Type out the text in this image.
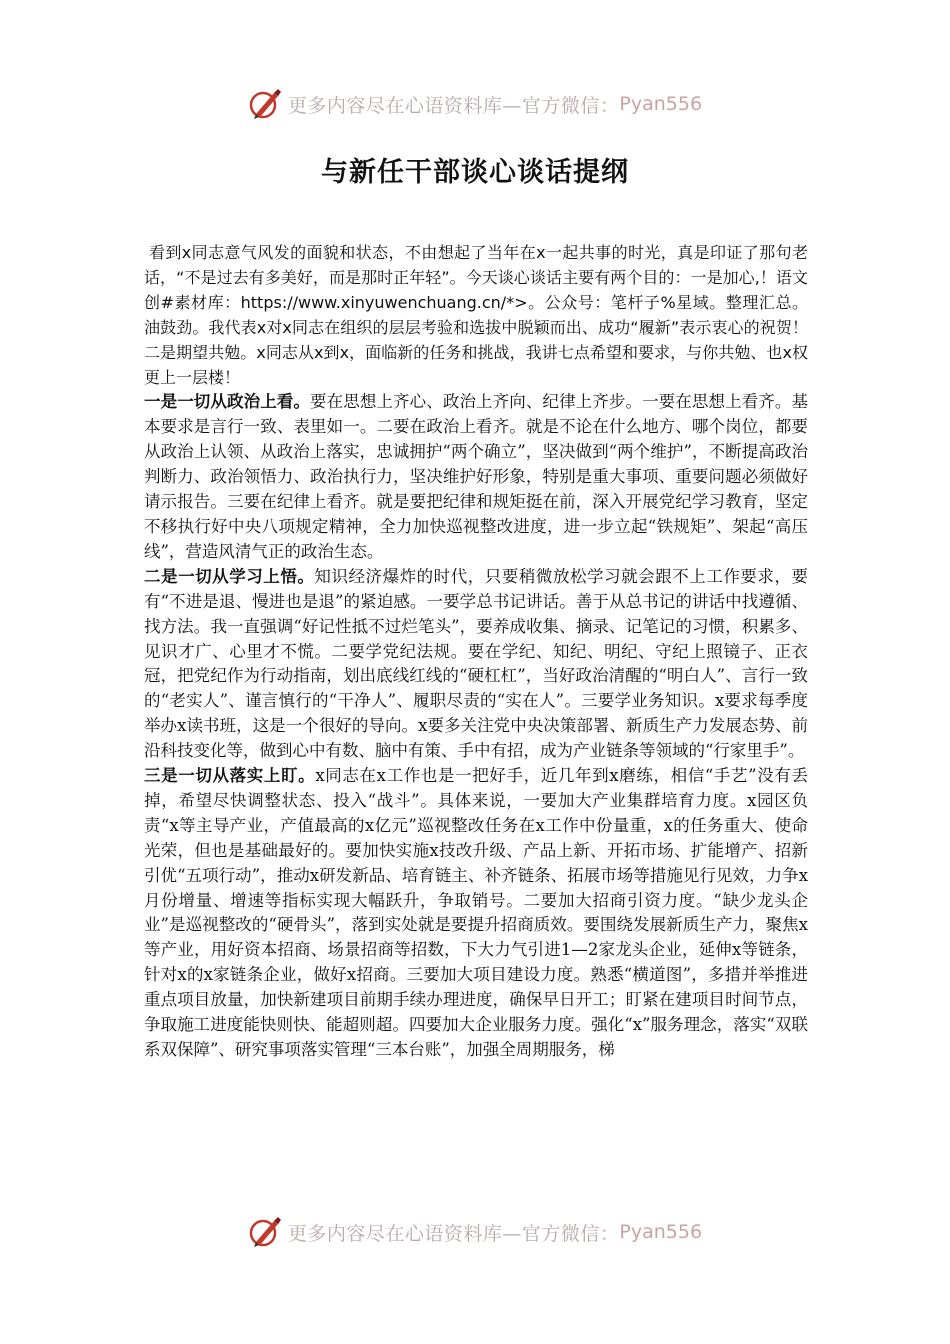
更多内容尽在心语资料库—官方微信： Pyan556
与新任干部谈心谈话提纲

看到x同志意气风发的面貌和状态，不由想起了当年在x一起共事的时光，真是印证了那句老话，“不是过去有多美好，而是那时正年轻”。今天谈心谈话主要有两个目的：一是加心,！语文创#素材库：https://www.xinyuwenchuang.cn/*>。公众号：笔杆子%星域。整理汇总。油鼓劲。我代表x对x同志在组织的层层考验和选拔中脱颖而出、成功“履新”表示衷心的祝贺！二是期望共勉。x同志从x到x，面临新的任务和挑战，我讲七点希望和要求，与你共勉、也x权更上一层楼！

一是一切从政治上看。要在思想上齐心、政治上齐向、纪律上齐步。一要在思想上看齐。基本要求是言行一致、表里如一。二要在政治上看齐。就是不论在什么地方、哪个岗位，都要从政治上认领、从政治上落实，忠诚拥护“两个确立”，坚决做到“两个维护”，不断提高政治判断力、政治领悟力、政治执行力，坚决维护好形象，特别是重大事项、重要问题必须做好请示报告。三要在纪律上看齐。就是要把纪律和规矩挺在前，深入开展党纪学习教育，坚定不移执行好中央八项规定精神，全力加快巡视整改进度，进一步立起“铁规矩”、架起“高压线”，营造风清气正的政治生态。

二是一切从学习上悟。知识经济爆炸的时代，只要稍微放松学习就会跟不上工作要求，要有“不进是退、慢进也是退”的紧迫感。一要学总书记讲话。善于从总书记的讲话中找遵循、找方法。我一直强调“好记性抵不过烂笔头”，要养成收集、摘录、记笔记的习惯，积累多、见识才广、心里才不慌。二要学党纪法规。要在学纪、知纪、明纪、守纪上照镜子、正衣冠，把党纪作为行动指南，划出底线红线的“硬杠杠”，当好政治清醒的“明白人”、言行一致的“老实人”、谨言慎行的“干净人”、履职尽责的“实在人”。三要学业务知识。x要求每季度举办x读书班，这是一个很好的导向。x要多关注党中央决策部署、新质生产力发展态势、前沿科技变化等，做到心中有数、脑中有策、手中有招，成为产业链条等领域的“行家里手”。

三是一切从落实上盯。x同志在x工作也是一把好手，近几年到x磨练，相信“手艺”没有丢掉，希望尽快调整状态、投入“战斗”。具体来说，一要加大产业集群培育力度。x园区负责“x等主导产业，产值最高的x亿元”巡视整改任务在x工作中份量重，x的任务重大、使命光荣，但也是基础最好的。要加快实施x技改升级、产品上新、开拓市场、扩能增产、招新引优“五项行动”，推动x研发新品、培育链主、补齐链条、拓展市场等措施见行见效，力争x月份增量、增速等指标实现大幅跃升，争取销号。二要加大招商引资力度。“缺少龙头企业”是巡视整改的“硬骨头”，落到实处就是要提升招商质效。要围绕发展新质生产力，聚焦x等产业，用好资本招商、场景招商等招数，下大力气引进1—2家龙头企业，延伸x等链条，针对x的x家链条企业，做好x招商。三要加大项目建设力度。熟悉“横道图”，多措并举推进重点项目放量，加快新建项目前期手续办理进度，确保早日开工；盯紧在建项目时间节点，争取施工进度能快则快、能超则超。四要加大企业服务力度。强化“x”服务理念，落实“双联系双保障”、研究事项落实管理“三本台账”，加强全周期服务，梯

更多内容尽在心语资料库—官方微信： Pyan556
